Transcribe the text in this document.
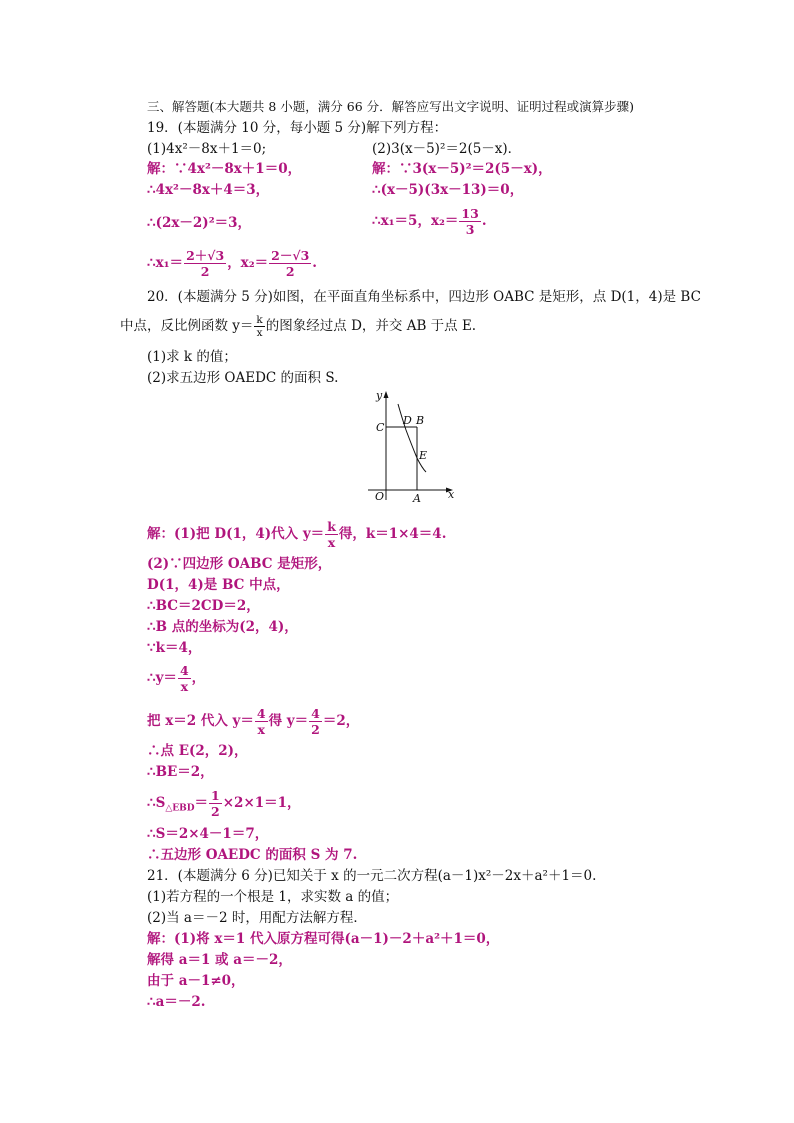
三、解答题(本大题共 8 小题，满分 66 分．解答应写出文字说明、证明过程或演算步骤)
19．(本题满分 10 分，每小题 5 分)解下列方程：
(1)4x²－8x＋1＝0;	(2)3(x－5)²＝2(5－x)．
解：∵4x²－8x＋1＝0，	解：∵3(x－5)²＝2(5－x)，
∴4x²－8x＋4＝3，	∴(x－5)(3x－13)＝0，
∴(2x－2)²＝3，	∴x₁＝5，$x_2= \frac{13}{3}$ .
∴x₁＝ $\frac{2+√3}{2}$ ，$x_2= \frac{2-√3}{2}$ .
20．(本题满分 5 分)如图，在平面直角坐标系中，四边形 OABC 是矩形，点 D(1，4)是 BC
中点，反比例函数 $y= \frac{k}{x}$ 的图象经过点 D，并交 AB 于点 E.
(1)求 k 的值；
(2)求五边形 OAEDC 的面积 S.
y
x
O	A
C
D B
E
解：(1)把 D(1，4)代入 $y= \frac{k}{x}$ 得，k＝1×4＝4.
(2)∵四边形 OABC 是矩形，
D(1，4)是 BC 中点，
∴BC＝2CD＝2，
∴B 点的坐标为(2，4)，
∵k＝4，
∴y＝ $\frac{4}{x}$ ，
把 x＝2 代入 $y= \frac{4}{x}$ 得 $y= \frac{4}{2} =2$，
∴点 E(2，2)，
∴BE＝2，
$\therefore S_{\triangle EBD}= \frac{1}{2} \times 2\times 1=1$，
∴S＝2×4－1＝7，
∴五边形 OAEDC 的面积 S 为 7.
21．(本题满分 6 分)已知关于 x 的一元二次方程(a－1)x²－2x＋a²＋1＝0.
(1)若方程的一个根是 1，求实数 a 的值；
(2)当 a＝－2 时，用配方法解方程．
解：(1)将 x＝1 代入原方程可得(a－1)－2＋a²＋1＝0，
解得 a＝1 或 a＝－2，
由于 a－1≠0，
∴a＝－2.
